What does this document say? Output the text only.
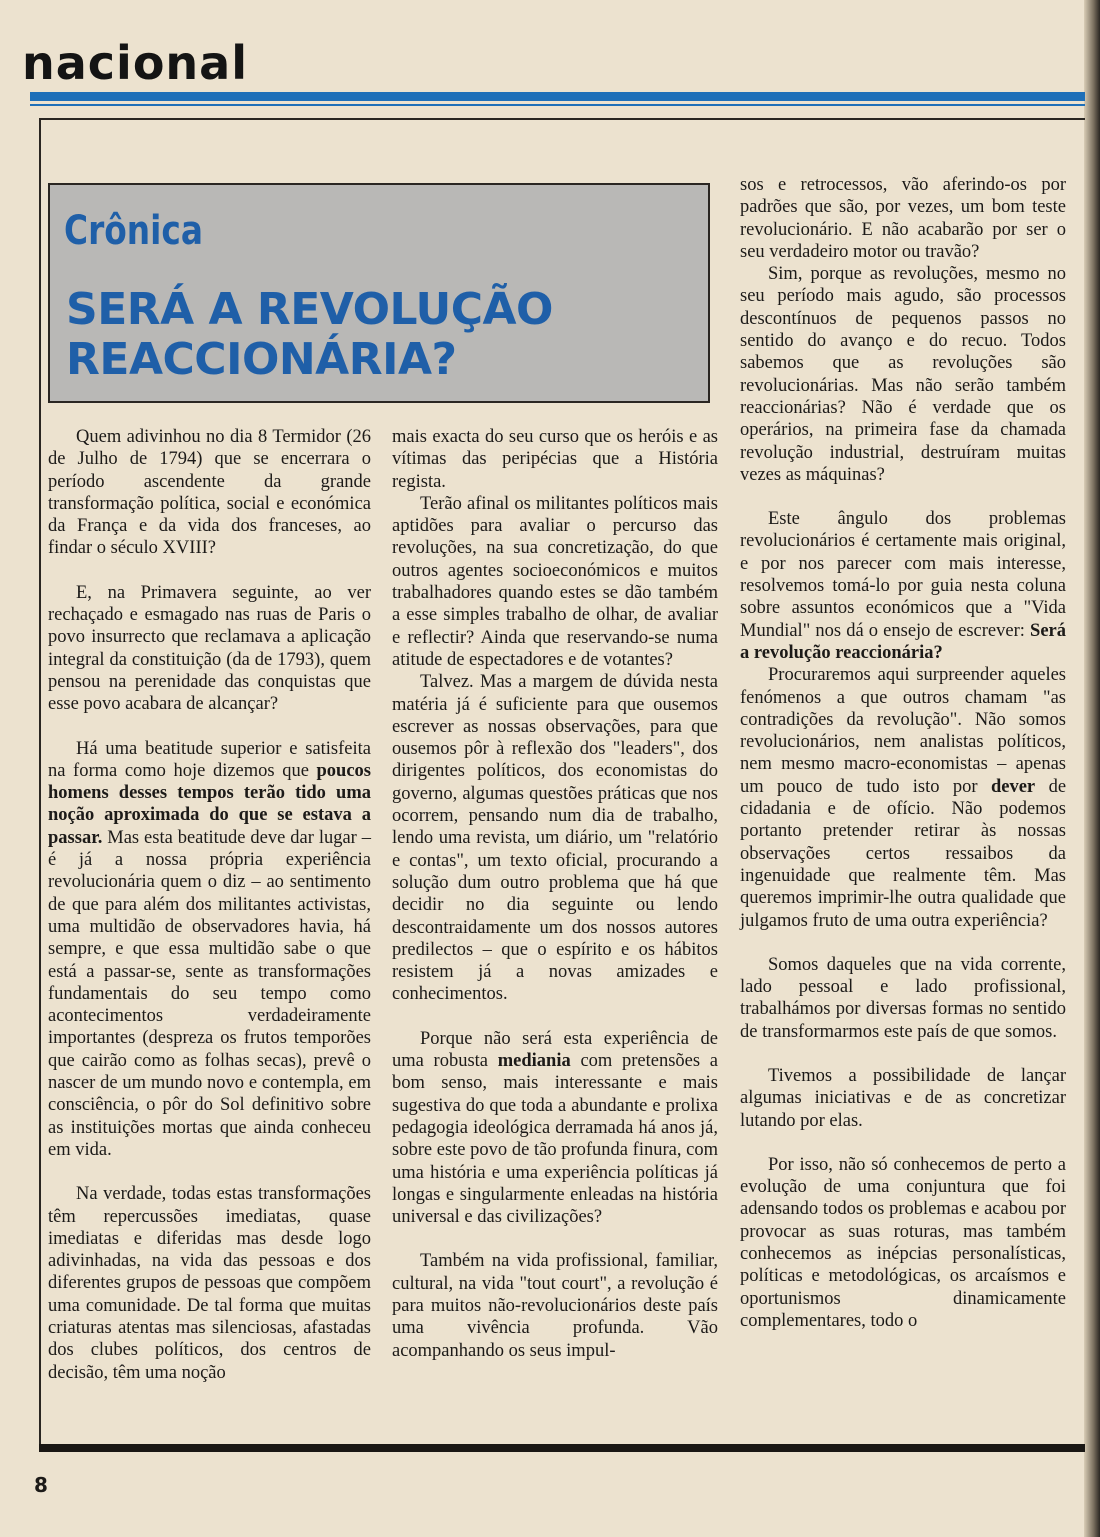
nacional
Crônica
SERÁ A REVOLUÇÃO REACCIONÁRIA?

Quem adivinhou no dia 8 Termidor (26 de Julho de 1794) que se encerrara o período ascendente da grande transformação política, social e económica da França e da vida dos franceses, ao findar o século XVIII?

E, na Primavera seguinte, ao ver rechaçado e esmagado nas ruas de Paris o povo insurrecto que reclamava a aplicação integral da constituição (da de 1793), quem pensou na perenidade das conquistas que esse povo acabara de alcançar?

Há uma beatitude superior e satisfeita na forma como hoje dizemos que poucos homens desses tempos terão tido uma noção aproximada do que se estava a passar. Mas esta beatitude deve dar lugar – é já a nossa própria experiência revolucionária quem o diz – ao sentimento de que para além dos militantes activistas, uma multidão de observadores havia, há sempre, e que essa multidão sabe o que está a passar-se, sente as transformações fundamentais do seu tempo como acontecimentos verdadeiramente importantes (despreza os frutos temporões que cairão como as folhas secas), prevê o nascer de um mundo novo e contempla, em consciência, o pôr do Sol definitivo sobre as instituições mortas que ainda conheceu em vida.

Na verdade, todas estas transformações têm repercussões imediatas, quase imediatas e diferidas mas desde logo adivinhadas, na vida das pessoas e dos diferentes grupos de pessoas que compõem uma comunidade. De tal forma que muitas criaturas atentas mas silenciosas, afastadas dos clubes políticos, dos centros de decisão, têm uma noção

mais exacta do seu curso que os heróis e as vítimas das peripécias que a História regista.

Terão afinal os militantes políticos mais aptidões para avaliar o percurso das revoluções, na sua concretização, do que outros agentes socioeconómicos e muitos trabalhadores quando estes se dão também a esse simples trabalho de olhar, de avaliar e reflectir? Ainda que reservando-se numa atitude de espectadores e de votantes?

Talvez. Mas a margem de dúvida nesta matéria já é suficiente para que ousemos escrever as nossas observações, para que ousemos pôr à reflexão dos "leaders", dos dirigentes políticos, dos economistas do governo, algumas questões práticas que nos ocorrem, pensando num dia de trabalho, lendo uma revista, um diário, um "relatório e contas", um texto oficial, procurando a solução dum outro problema que há que decidir no dia seguinte ou lendo descontraidamente um dos nossos autores predilectos – que o espírito e os hábitos resistem já a novas amizades e conhecimentos.

Porque não será esta experiência de uma robusta mediania com pretensões a bom senso, mais interessante e mais sugestiva do que toda a abundante e prolixa pedagogia ideológica derramada há anos já, sobre este povo de tão profunda finura, com uma história e uma experiência políticas já longas e singularmente enleadas na história universal e das civilizações?

Também na vida profissional, familiar, cultural, na vida "tout court", a revolução é para muitos não-revolucionários deste país uma vivência profunda. Vão acompanhando os seus impul-

sos e retrocessos, vão aferindo-os por padrões que são, por vezes, um bom teste revolucionário. E não acabarão por ser o seu verdadeiro motor ou travão?

Sim, porque as revoluções, mesmo no seu período mais agudo, são processos descontínuos de pequenos passos no sentido do avanço e do recuo. Todos sabemos que as revoluções são revolucionárias. Mas não serão também reaccionárias? Não é verdade que os operários, na primeira fase da chamada revolução industrial, destruíram muitas vezes as máquinas?

Este ângulo dos problemas revolucionários é certamente mais original, e por nos parecer com mais interesse, resolvemos tomá-lo por guia nesta coluna sobre assuntos económicos que a "Vida Mundial" nos dá o ensejo de escrever: Será a revolução reaccionária?

Procuraremos aqui surpreender aqueles fenómenos a que outros chamam "as contradições da revolução". Não somos revolucionários, nem analistas políticos, nem mesmo macro-economistas – apenas um pouco de tudo isto por dever de cidadania e de ofício. Não podemos portanto pretender retirar às nossas observações certos ressaibos da ingenuidade que realmente têm. Mas queremos imprimir-lhe outra qualidade que julgamos fruto de uma outra experiência?

Somos daqueles que na vida corrente, lado pessoal e lado profissional, trabalhámos por diversas formas no sentido de transformarmos este país de que somos.

Tivemos a possibilidade de lançar algumas iniciativas e de as concretizar lutando por elas.

Por isso, não só conhecemos de perto a evolução de uma conjuntura que foi adensando todos os problemas e acabou por provocar as suas roturas, mas também conhecemos as inépcias personalísticas, políticas e metodológicas, os arcaísmos e oportunismos dinamicamente complementares, todo o

8
